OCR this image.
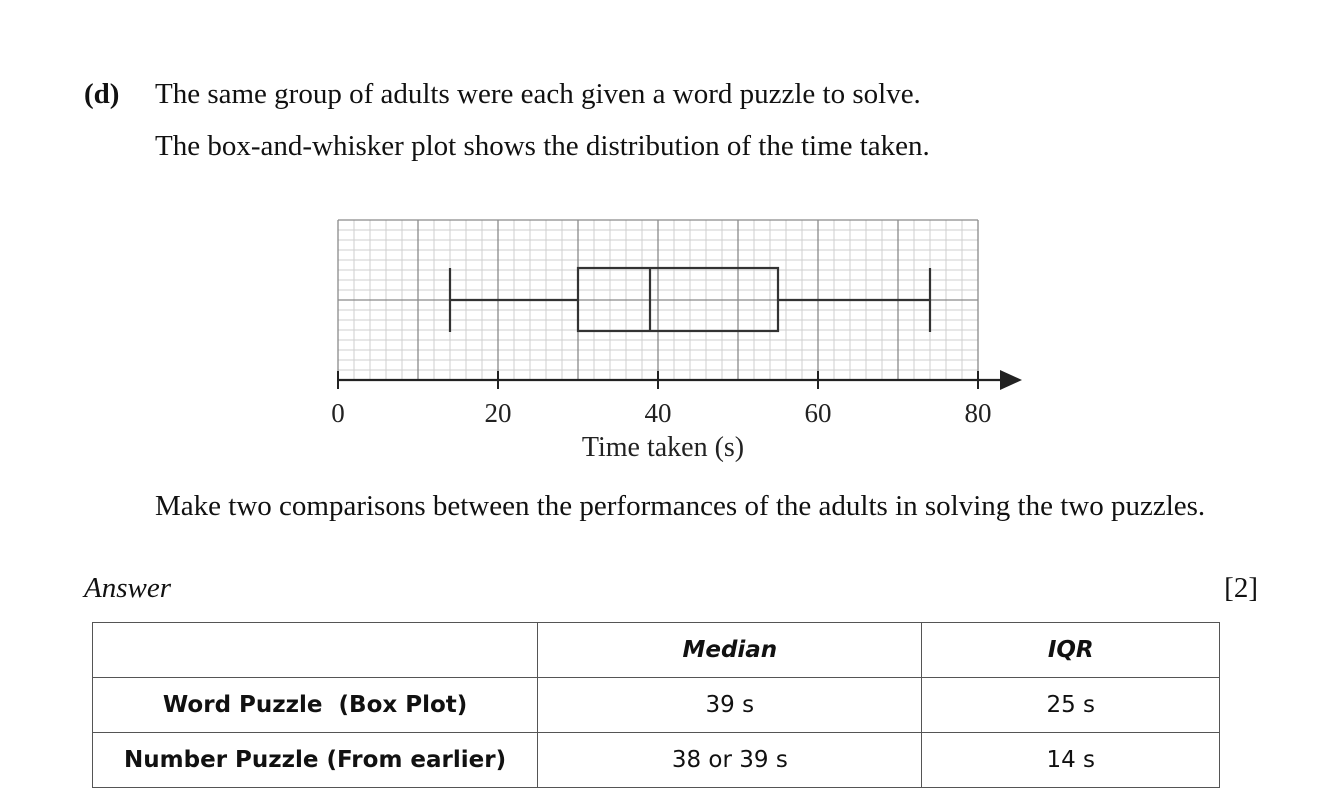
(d) The same group of adults were each given a word puzzle to solve.
The box-and-whisker plot shows the distribution of the time taken.
0	20	40	60	80
Time taken (s)
Make two comparisons between the performances of the adults in solving the two puzzles.
Answer	[2]
	Median	IQR
Word Puzzle  (Box Plot)	39 s	25 s
Number Puzzle (From earlier)	38 or 39 s	14 s
